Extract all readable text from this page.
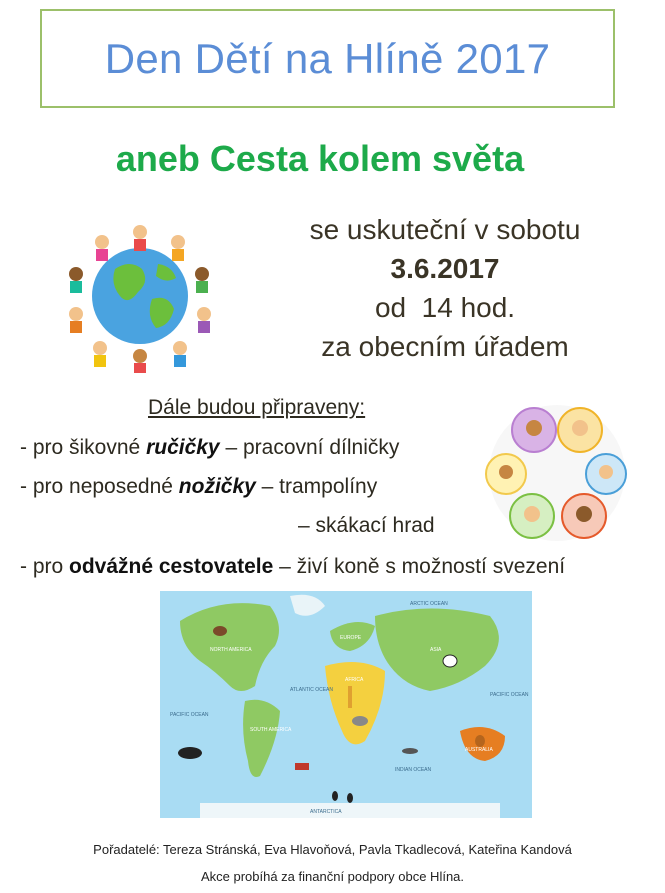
Den Dětí na Hlíně 2017
aneb Cesta kolem světa
se uskuteční v sobotu
3.6.2017
od  14 hod.
za obecním úřadem
Dále budou připraveny:
- pro šikovné ručičky – pracovní dílničky
- pro neposedné nožičky – trampolíny
– skákací hrad
- pro odvážné cestovatele – živí koně s možností svezení
ARCTIC OCEAN
NORTH AMERICA
ATLANTIC OCEAN
PACIFIC OCEAN
PACIFIC OCEAN
SOUTH AMERICA
AFRICA
EUROPE
ASIA
INDIAN OCEAN
AUSTRALIA
ANTARCTICA
Pořadatelé: Tereza Stránská, Eva Hlavoňová, Pavla Tkadlecová, Kateřina Kandová
Akce probíhá za finanční podpory obce Hlína.
